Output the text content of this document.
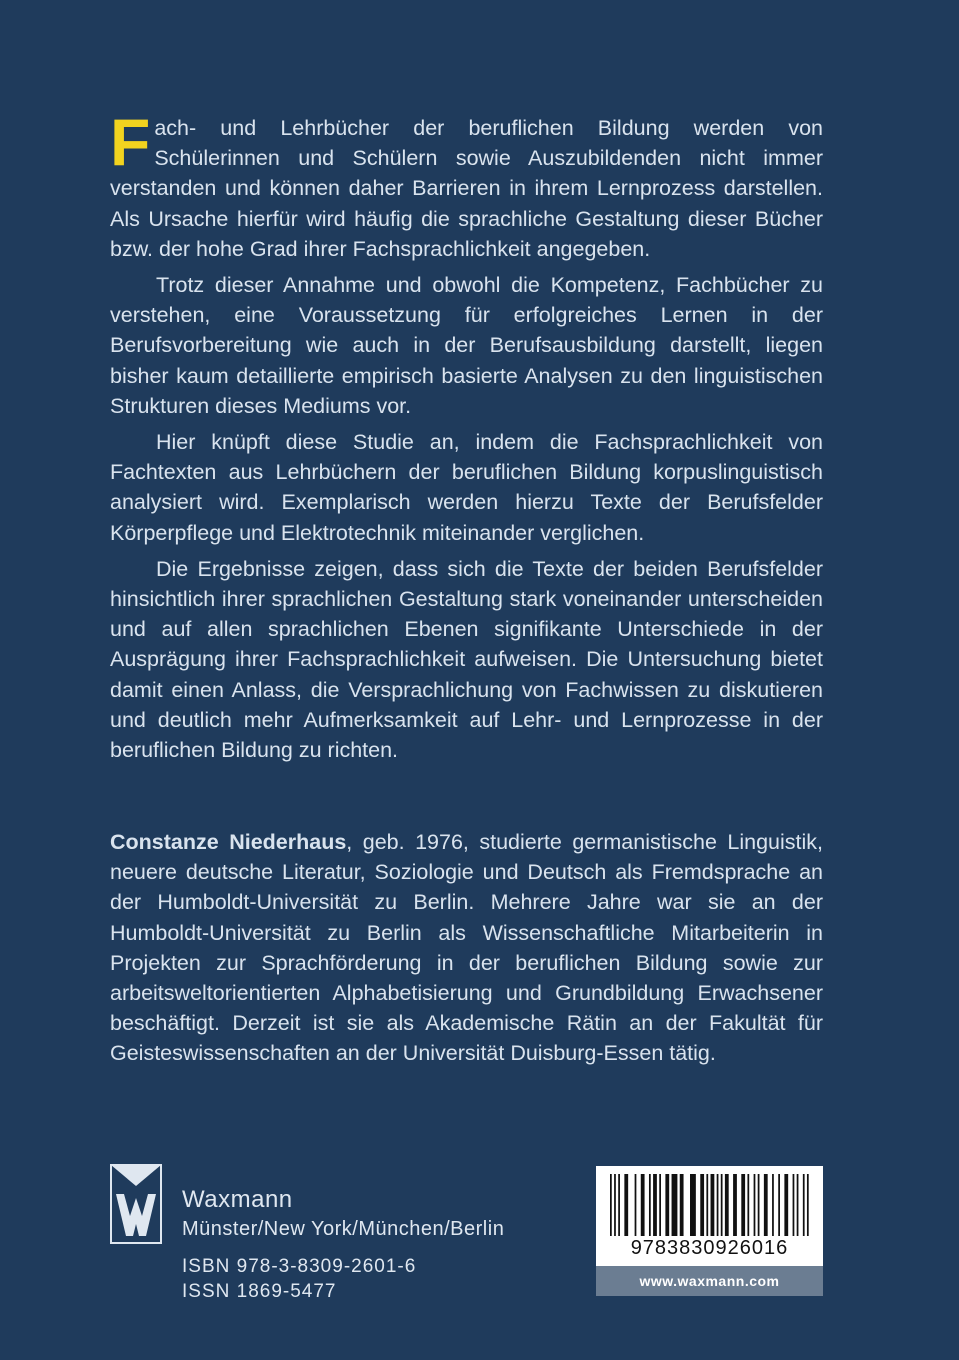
Fach- und Lehrbücher der beruflichen Bildung werden von Schülerinnen und Schülern sowie Auszubildenden nicht immer verstanden und können daher Barrieren in ihrem Lernprozess darstellen. Als Ursache hierfür wird häufig die sprachliche Gestaltung dieser Bücher bzw. der hohe Grad ihrer Fachsprachlichkeit angegeben.

Trotz dieser Annahme und obwohl die Kompetenz, Fachbücher zu verstehen, eine Voraussetzung für erfolgreiches Lernen in der Berufsvorbereitung wie auch in der Berufsausbildung darstellt, liegen bisher kaum detaillierte empirisch basierte Analysen zu den linguistischen Strukturen dieses Mediums vor.

Hier knüpft diese Studie an, indem die Fachsprachlichkeit von Fachtexten aus Lehrbüchern der beruflichen Bildung korpuslinguistisch analysiert wird. Exemplarisch werden hierzu Texte der Berufsfelder Körperpflege und Elektrotechnik miteinander verglichen.

Die Ergebnisse zeigen, dass sich die Texte der beiden Berufsfelder hinsichtlich ihrer sprachlichen Gestaltung stark voneinander unterscheiden und auf allen sprachlichen Ebenen signifikante Unterschiede in der Ausprägung ihrer Fachsprachlichkeit aufweisen. Die Untersuchung bietet damit einen Anlass, die Versprachlichung von Fachwissen zu diskutieren und deutlich mehr Aufmerksamkeit auf Lehr- und Lernprozesse in der beruflichen Bildung zu richten.

Constanze Niederhaus, geb. 1976, studierte germanistische Linguistik, neuere deutsche Literatur, Soziologie und Deutsch als Fremdsprache an der Humboldt-Universität zu Berlin. Mehrere Jahre war sie an der Humboldt-Universität zu Berlin als Wissenschaftliche Mitarbeiterin in Projekten zur Sprachförderung in der beruflichen Bildung sowie zur arbeitsweltorientierten Alphabetisierung und Grundbildung Erwachsener beschäftigt. Derzeit ist sie als Akademische Rätin an der Fakultät für Geisteswissenschaften an der Universität Duisburg-Essen tätig.

Waxmann
Münster/New York/München/Berlin
ISBN 978-3-8309-2601-6
ISSN 1869-5477
9783830926016
www.waxmann.com
